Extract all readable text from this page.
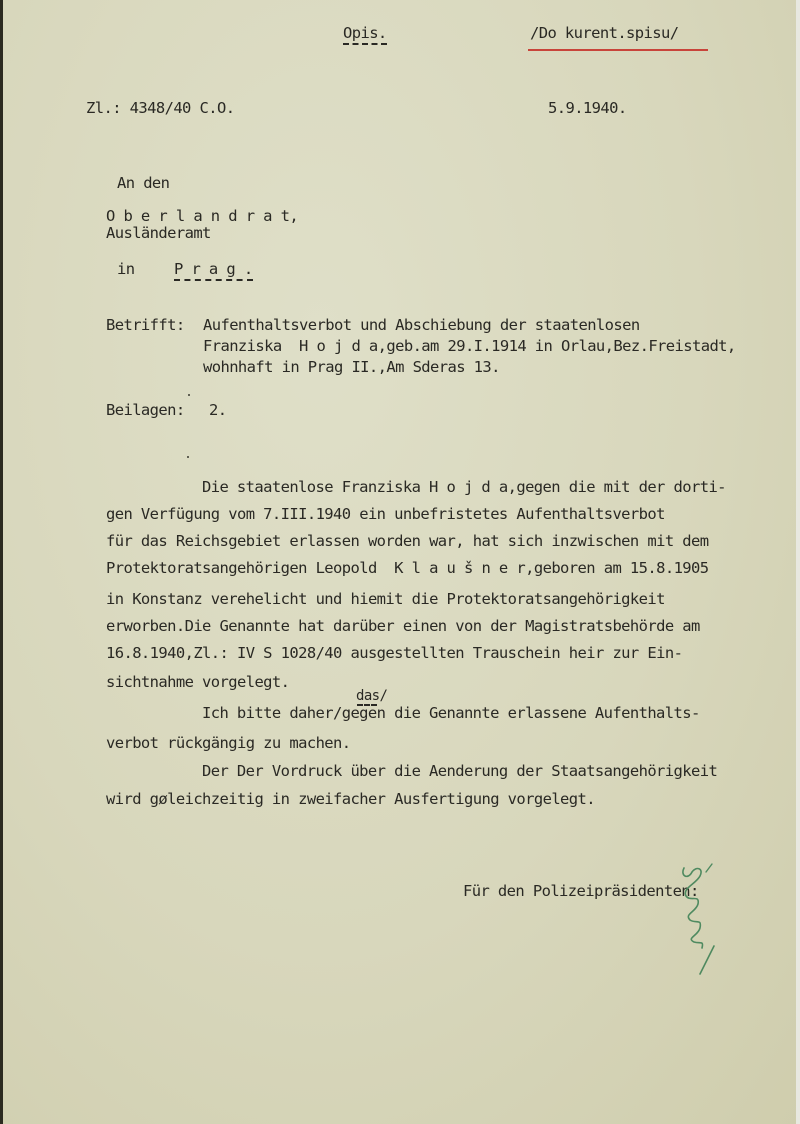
Opis.	/Do kurent.spisu/
Zl.: 4348/40 C.O.	5.9.1940.
An den
O b e r l a n d r a t,
Ausländeramt
in	P r a g .
Betrifft: Aufenthaltsverbot und Abschiebung der staatenlosen
Franziska  H o j d a,geb.am 29.I.1914 in Orlau,Bez.Freistadt,
wohnhaft in Prag II.,Am Sderas 13.
Beilagen: 2.
Die staatenlose Franziska H o j d a,gegen die mit der dorti-
gen Verfügung vom 7.III.1940 ein unbefristetes Aufenthaltsverbot
für das Reichsgebiet erlassen worden war, hat sich inzwischen mit dem
Protektoratsangehörigen Leopold  K l a u š n e r,geboren am 15.8.1905
in Konstanz verehelicht und hiemit die Protektoratsangehörigkeit
erworben.Die Genannte hat darüber einen von der Magistratsbehörde am
16.8.1940,Zl.: IV S 1028/40 ausgestellten Trauschein heir zur Ein-
sichtnahme vorgelegt.
das/
Ich bitte daher/gegen die Genannte erlassene Aufenthalts-
verbot rückgängig zu machen.
Der Der Vordruck über die Aenderung der Staatsangehörigkeit
wird gøleichzeitig in zweifacher Ausfertigung vorgelegt.
Für den Polizeipräsidenten:
